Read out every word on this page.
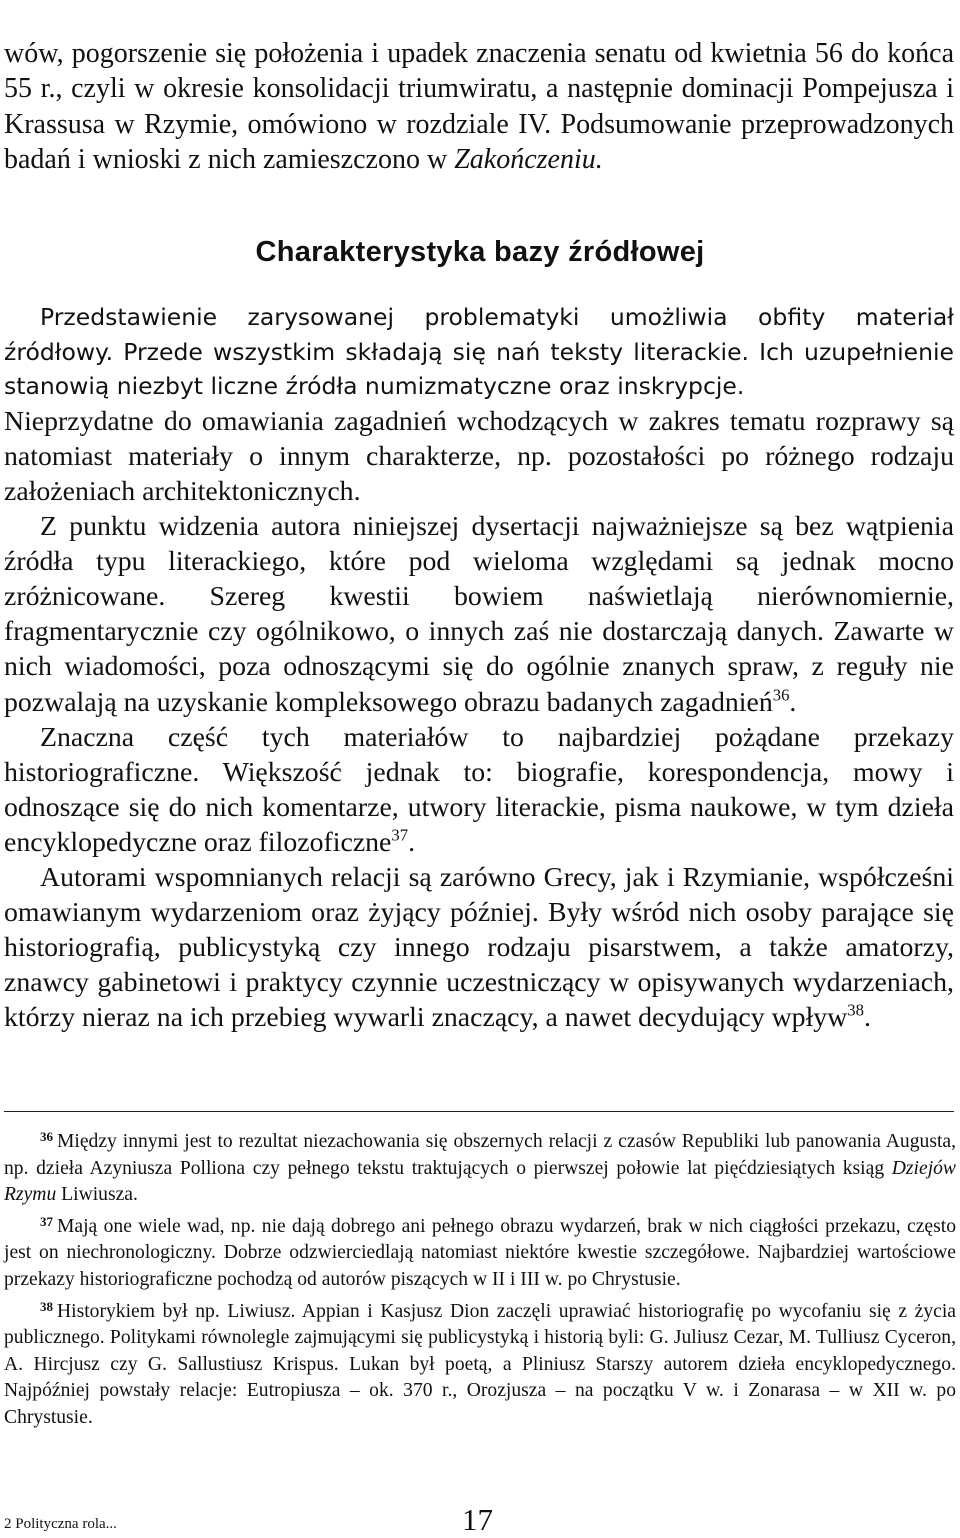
wów, pogorszenie się położenia i upadek znaczenia senatu od kwietnia 56 do końca 55 r., czyli w okresie konsolidacji triumwiratu, a następnie dominacji Pompejusza i Krassusa w Rzymie, omówiono w rozdziale IV. Podsumowanie przeprowadzonych badań i wnioski z nich zamieszczono w Zakończeniu.

Charakterystyka bazy źródłowej

Przedstawienie zarysowanej problematyki umożliwia obfity materiał źródłowy. Przede wszystkim składają się nań teksty literackie. Ich uzupełnienie stanowią niezbyt liczne źródła numizmatyczne oraz inskrypcje.

Nieprzydatne do omawiania zagadnień wchodzących w zakres tematu rozprawy są natomiast materiały o innym charakterze, np. pozostałości po różnego rodzaju założeniach architektonicznych.

Z punktu widzenia autora niniejszej dysertacji najważniejsze są bez wątpienia źródła typu literackiego, które pod wieloma względami są jednak mocno zróżnicowane. Szereg kwestii bowiem naświetlają nierównomiernie, fragmentarycznie czy ogólnikowo, o innych zaś nie dostarczają danych. Zawarte w nich wiadomości, poza odnoszącymi się do ogólnie znanych spraw, z reguły nie pozwalają na uzyskanie kompleksowego obrazu badanych zagadnień$^{36}$.

Znaczna część tych materiałów to najbardziej pożądane przekazy historiograficzne. Większość jednak to: biografie, korespondencja, mowy i odnoszące się do nich komentarze, utwory literackie, pisma naukowe, w tym dzieła encyklopedyczne oraz filozoficzne$^{37}$.

Autorami wspomnianych relacji są zarówno Grecy, jak i Rzymianie, współcześni omawianym wydarzeniom oraz żyjący później. Były wśród nich osoby parające się historiografią, publicystyką czy innego rodzaju pisarstwem, a także amatorzy, znawcy gabinetowi i praktycy czynnie uczestniczący w opisywanych wydarzeniach, którzy nieraz na ich przebieg wywarli znaczący, a nawet decydujący wpływ$^{38}$.

$^{36}$ Między innymi jest to rezultat niezachowania się obszernych relacji z czasów Republiki lub panowania Augusta, np. dzieła Azyniusza Polliona czy pełnego tekstu traktujących o pierwszej połowie lat pięćdziesiątych ksiąg Dziejów Rzymu Liwiusza.

$^{37}$ Mają one wiele wad, np. nie dają dobrego ani pełnego obrazu wydarzeń, brak w nich ciągłości przekazu, często jest on niechronologiczny. Dobrze odzwierciedlają natomiast niektóre kwestie szczegółowe. Najbardziej wartościowe przekazy historiograficzne pochodzą od autorów piszących w II i III w. po Chrystusie.

$^{38}$ Historykiem był np. Liwiusz. Appian i Kasjusz Dion zaczęli uprawiać historiografię po wycofaniu się z życia publicznego. Politykami równolegle zajmującymi się publicystyką i historią byli: G. Juliusz Cezar, M. Tulliusz Cyceron, A. Hircjusz czy G. Sallustiusz Krispus. Lukan był poetą, a Pliniusz Starszy autorem dzieła encyklopedycznego. Najpóźniej powstały relacje: Eutropiusza – ok. 370 r., Orozjusza – na początku V w. i Zonarasa – w XII w. po Chrystusie.

2 Polityczna rola...	17
